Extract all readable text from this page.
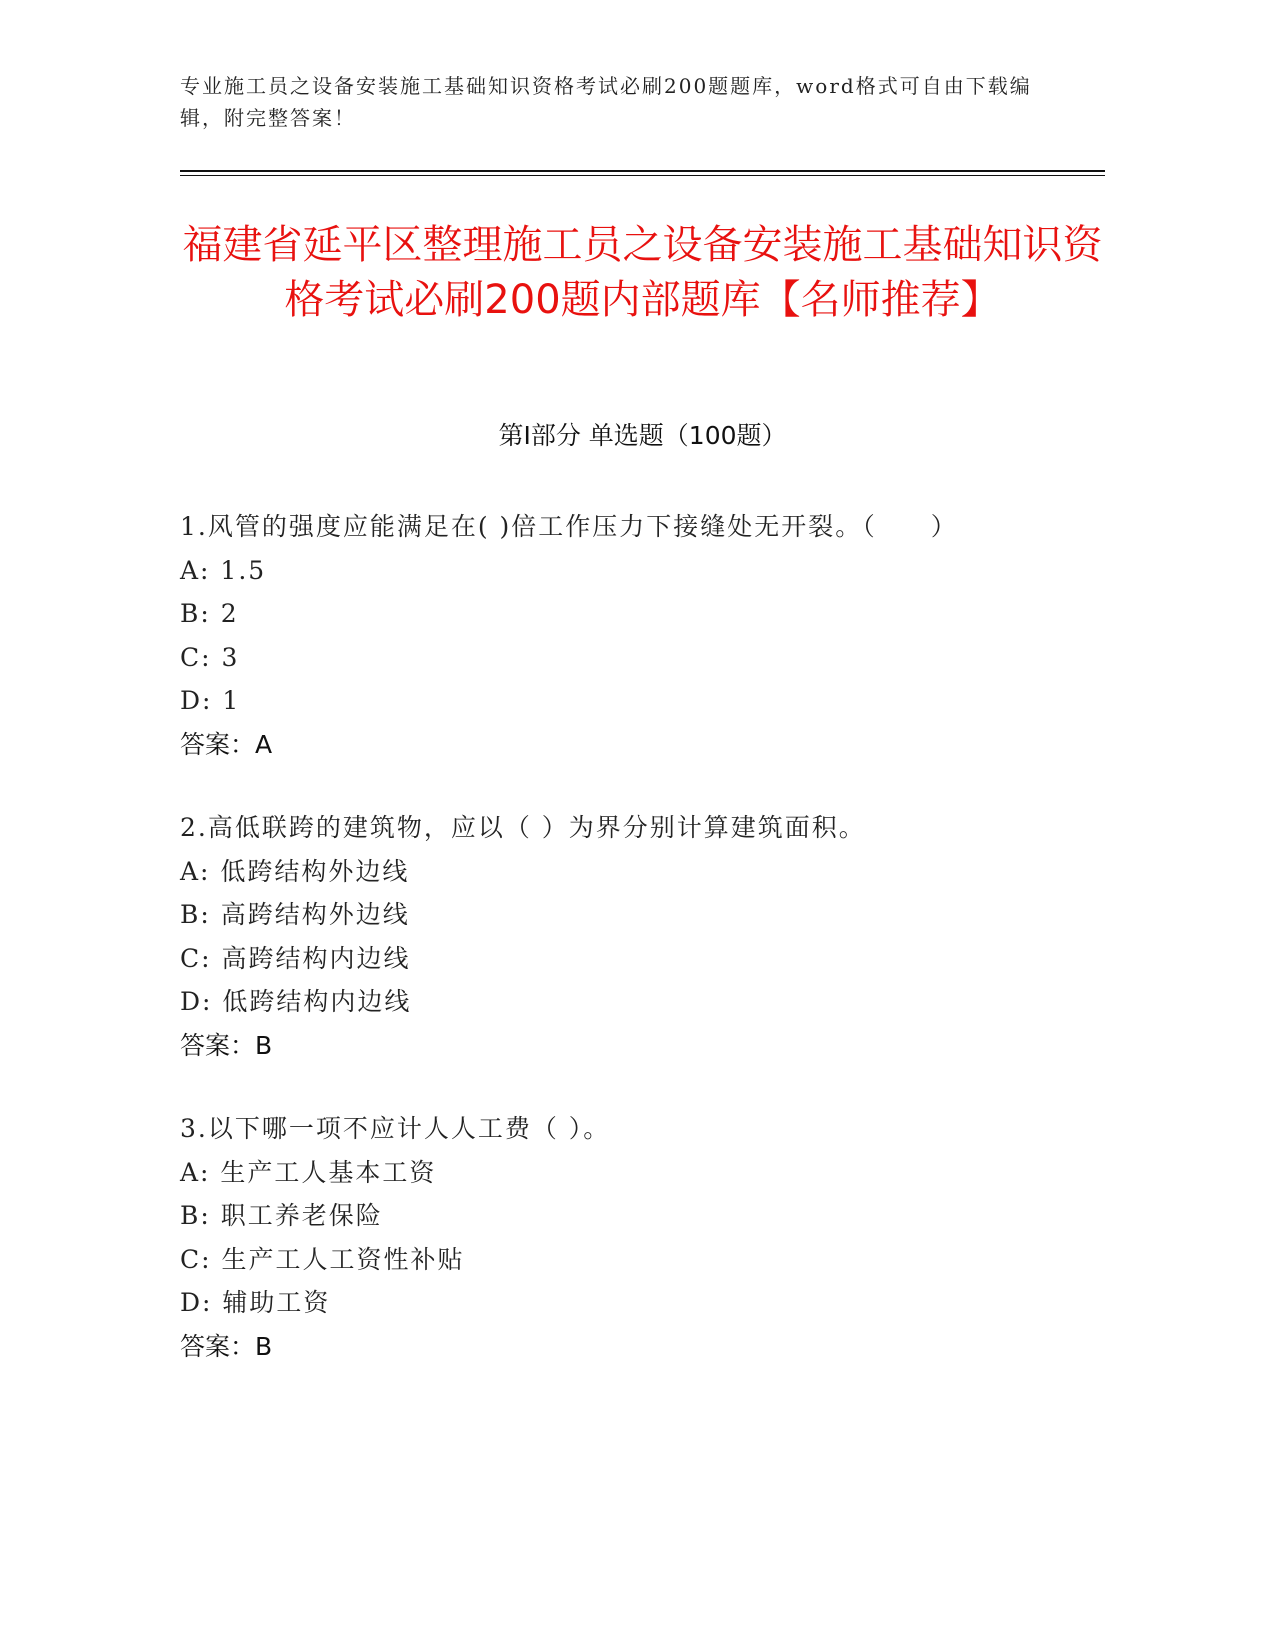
专业施工员之设备安装施工基础知识资格考试必刷200题题库，word格式可自由下载编辑，附完整答案！
福建省延平区整理施工员之设备安装施工基础知识资格考试必刷200题内部题库【名师推荐】
第Ⅰ部分 单选题（100题）
1.风管的强度应能满足在( )倍工作压力下接缝处无开裂。（　　）
A: 1.5
B: 2
C: 3
D: 1
答案：A
2.高低联跨的建筑物，应以（ ）为界分别计算建筑面积。
A: 低跨结构外边线
B: 高跨结构外边线
C: 高跨结构内边线
D: 低跨结构内边线
答案：B
3.以下哪一项不应计人人工费（ ）。
A: 生产工人基本工资
B: 职工养老保险
C: 生产工人工资性补贴
D: 辅助工资
答案：B
